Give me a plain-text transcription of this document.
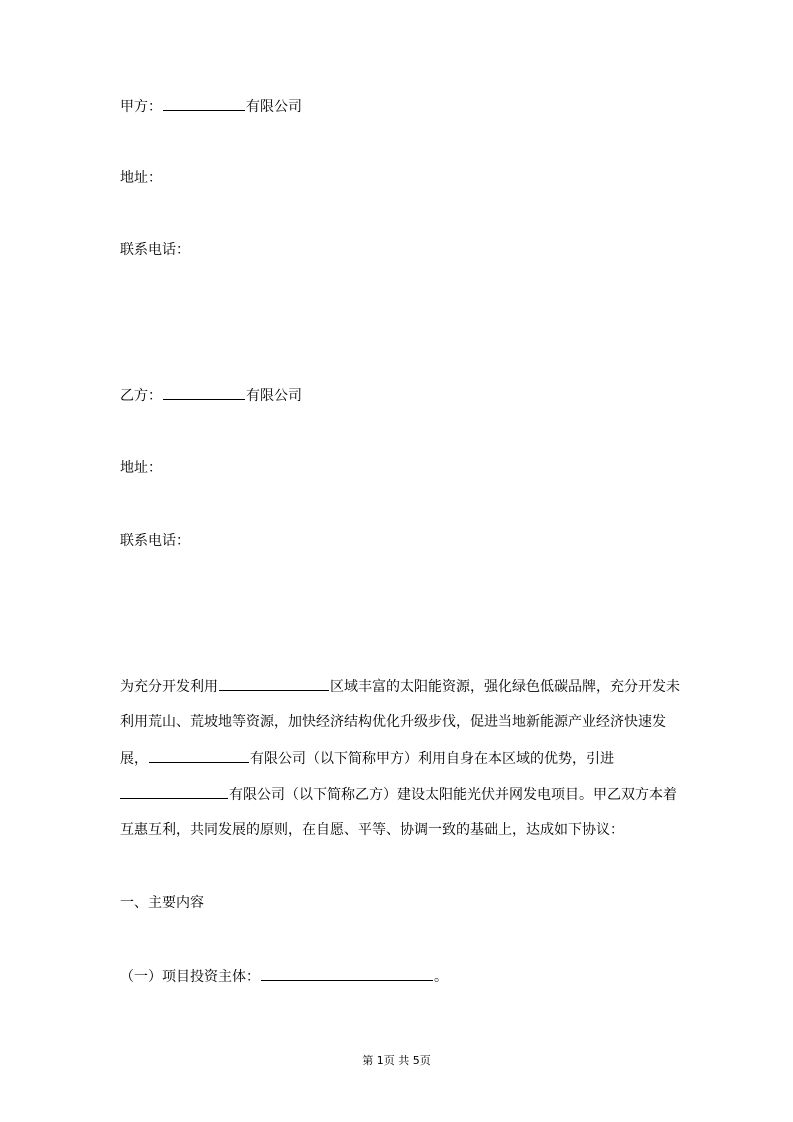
甲方：	有限公司
地址：
联系电话：
乙方：	有限公司
地址：
联系电话：
为充分开发利用	区域丰富的太阳能资源，强化绿色低碳品牌，充分开发未
利用荒山、荒坡地等资源，加快经济结构优化升级步伐，促进当地新能源产业经济快速发
展，	有限公司（以下简称甲方）利用自身在本区域的优势，引进
有限公司（以下简称乙方）建设太阳能光伏并网发电项目。甲乙双方本着
互惠互利，共同发展的原则，在自愿、平等、协调一致的基础上，达成如下协议：
一、主要内容
（一）项目投资主体：	。
第 1页 共 5页
